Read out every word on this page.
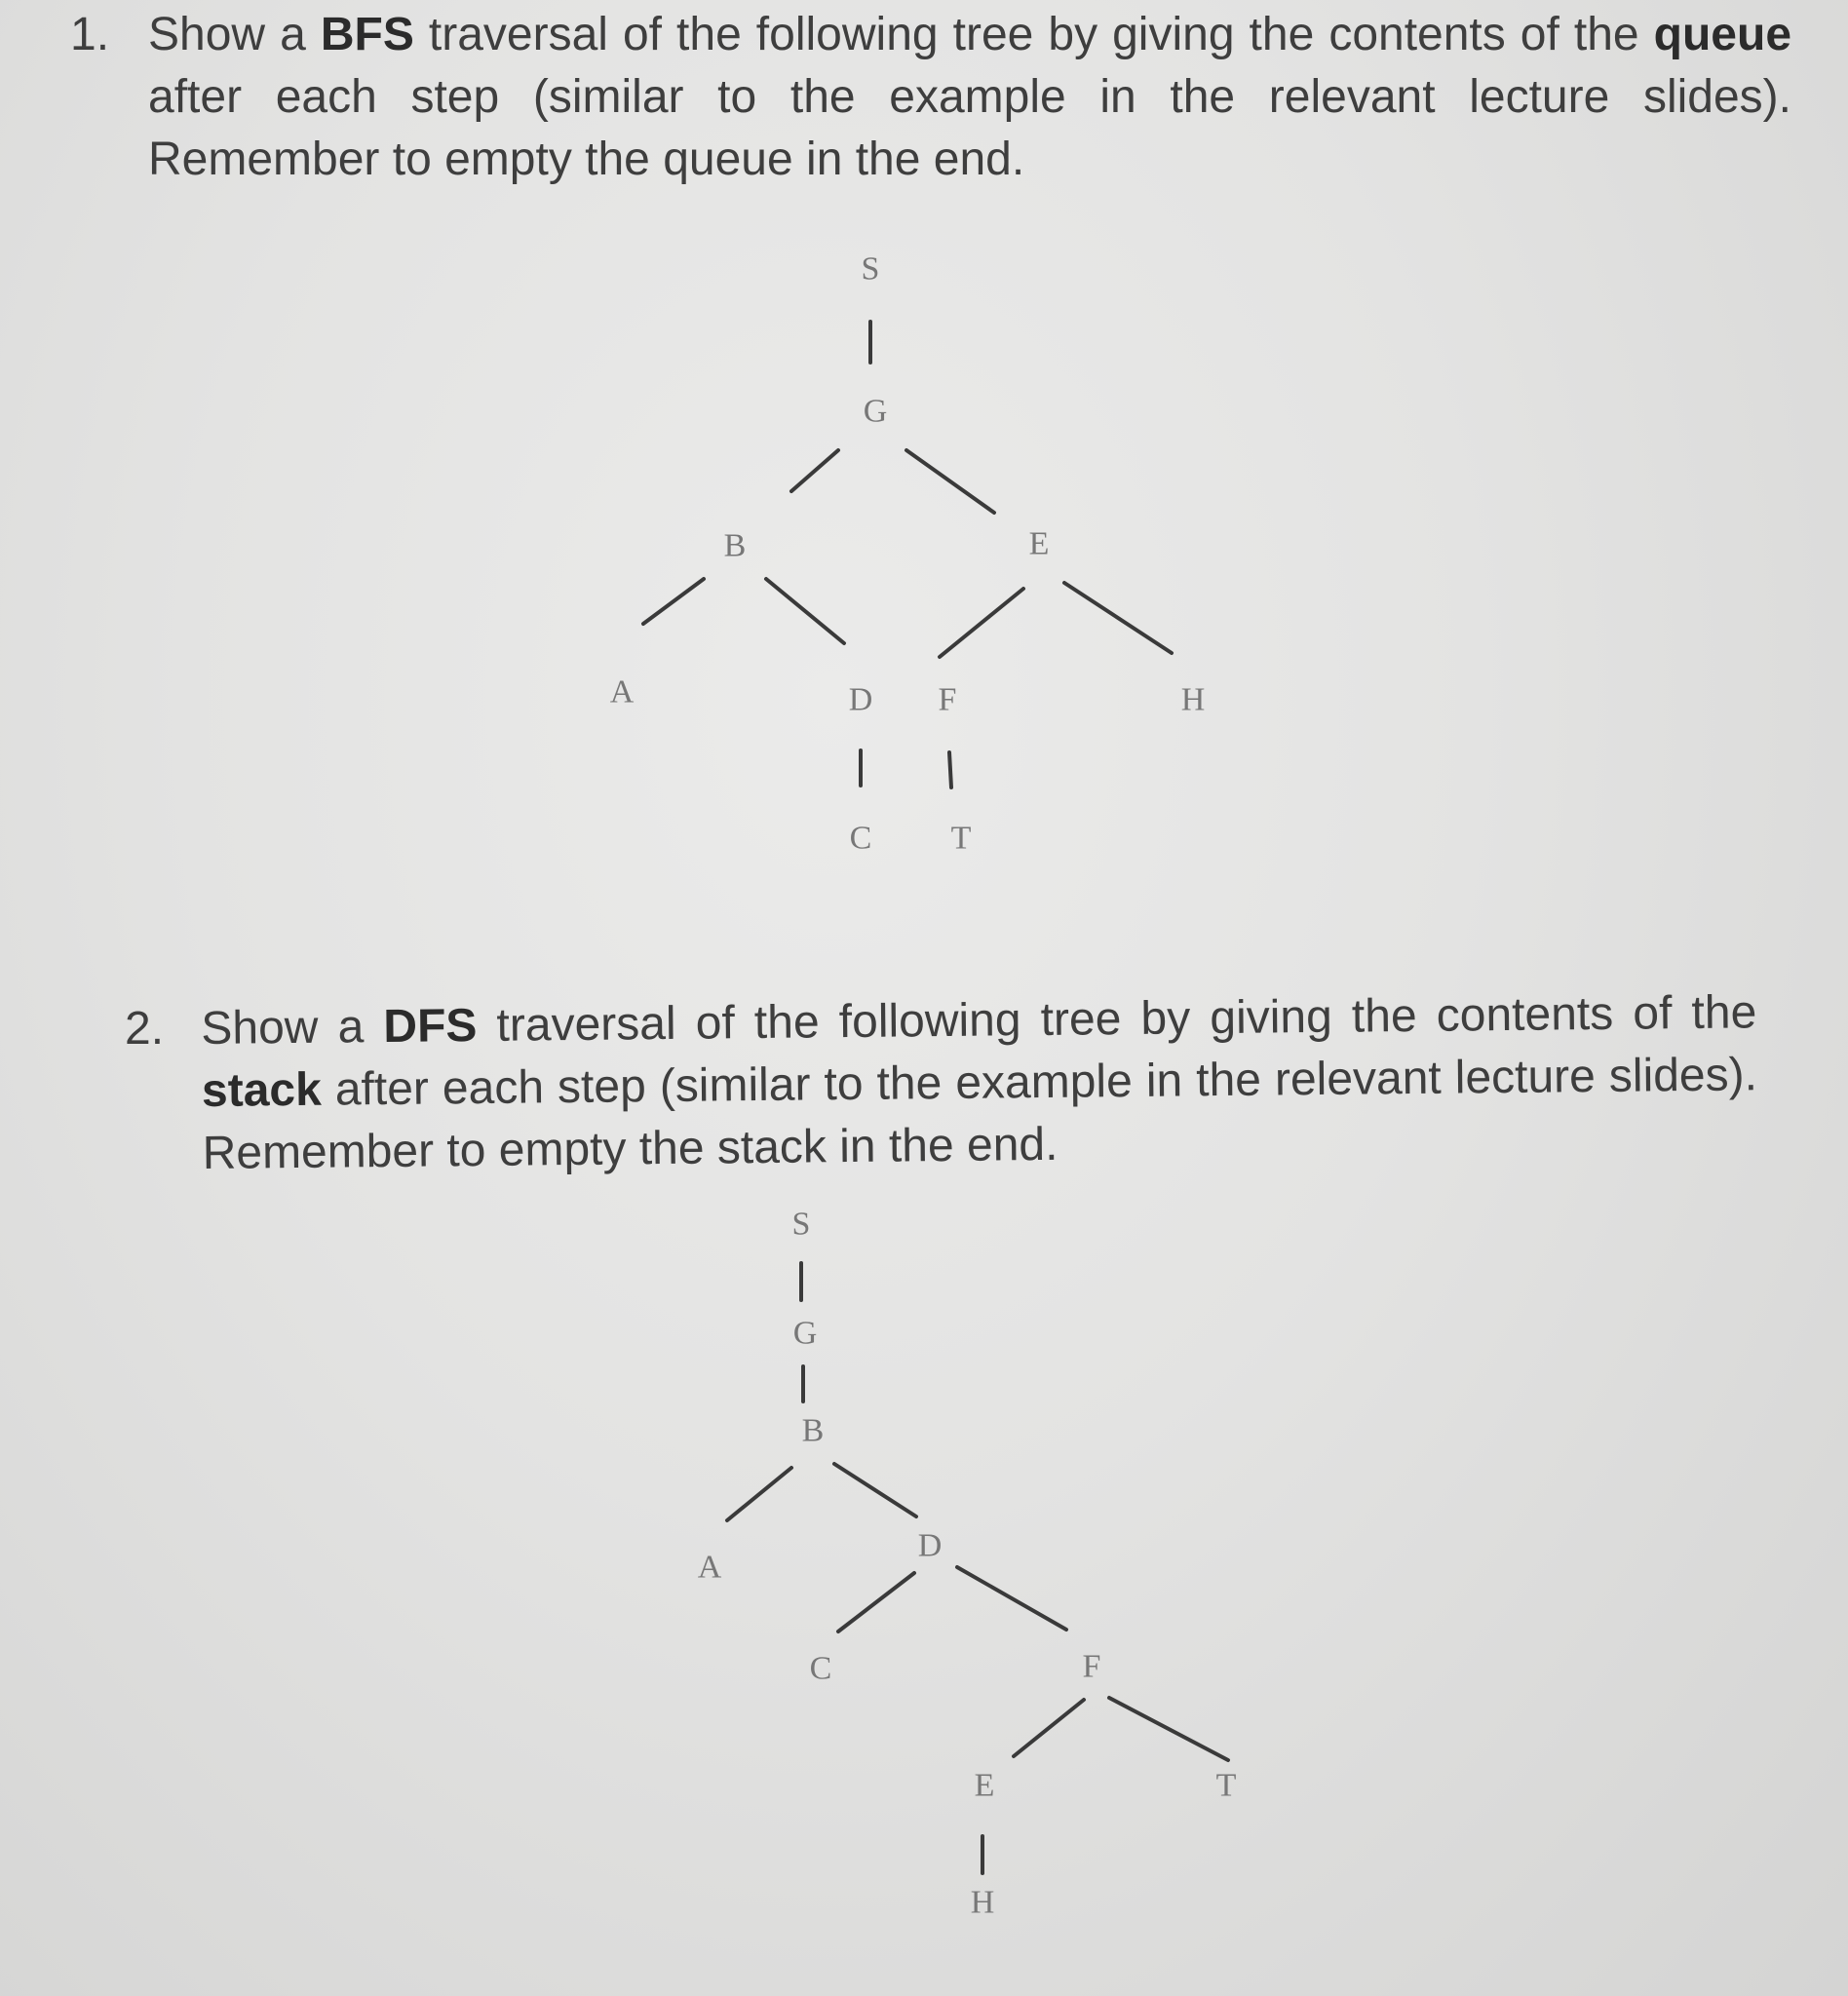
1. Show a BFS traversal of the following tree by giving the contents of the queue after each step (similar to the example in the relevant lecture slides). Remember to empty the queue in the end.
S
G
B	E
A	D F	H
C T
2. Show a DFS traversal of the following tree by giving the contents of the stack after each step (similar to the example in the relevant lecture slides). Remember to empty the stack in the end.
S
G
B
A
D
C	F
E	T
H
